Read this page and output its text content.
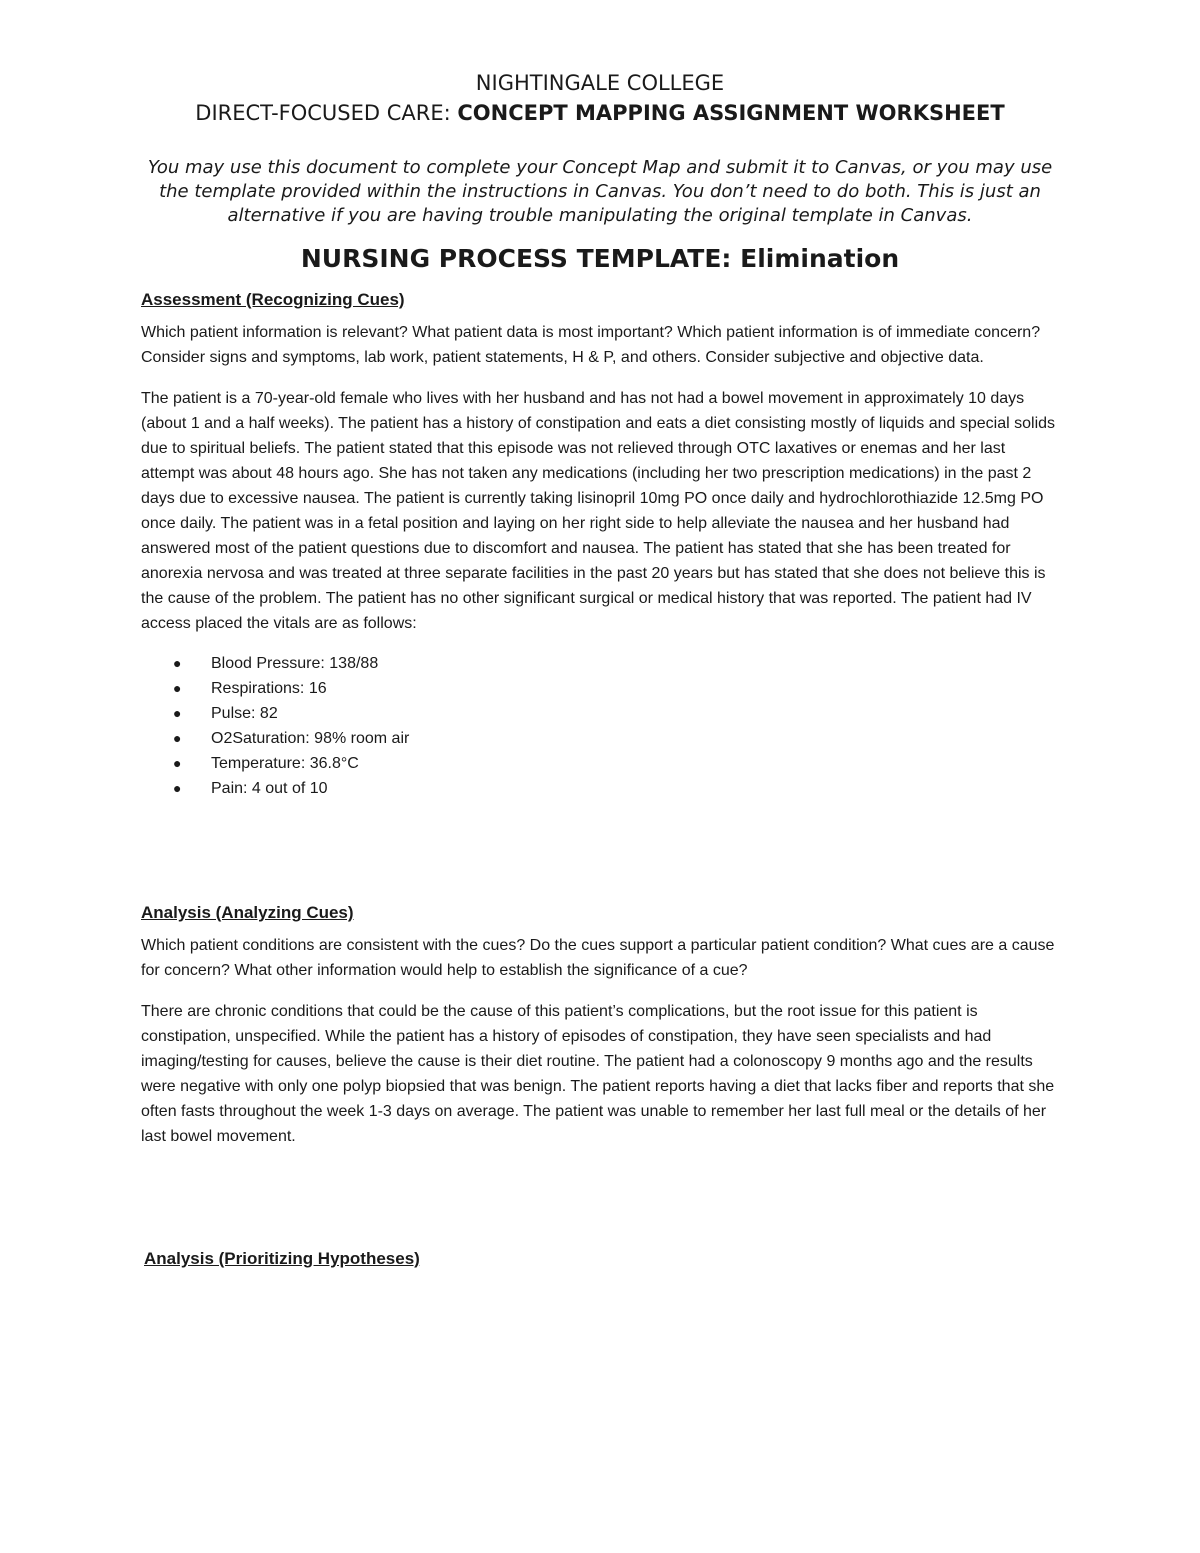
NIGHTINGALE COLLEGE

DIRECT-FOCUSED CARE: CONCEPT MAPPING ASSIGNMENT WORKSHEET

You may use this document to complete your Concept Map and submit it to Canvas, or you may use the template provided within the instructions in Canvas. You don’t need to do both. This is just an alternative if you are having trouble manipulating the original template in Canvas.

NURSING PROCESS TEMPLATE: Elimination

Assessment (Recognizing Cues)

Which patient information is relevant? What patient data is most important? Which patient information is of immediate concern? Consider signs and symptoms, lab work, patient statements, H & P, and others. Consider subjective and objective data.

The patient is a 70-year-old female who lives with her husband and has not had a bowel movement in approximately 10 days (about 1 and a half weeks). The patient has a history of constipation and eats a diet consisting mostly of liquids and special solids due to spiritual beliefs. The patient stated that this episode was not relieved through OTC laxatives or enemas and her last attempt was about 48 hours ago. She has not taken any medications (including her two prescription medications) in the past 2 days due to excessive nausea. The patient is currently taking lisinopril 10mg PO once daily and hydrochlorothiazide 12.5mg PO once daily. The patient was in a fetal position and laying on her right side to help alleviate the nausea and her husband had answered most of the patient questions due to discomfort and nausea. The patient has stated that she has been treated for anorexia nervosa and was treated at three separate facilities in the past 20 years but has stated that she does not believe this is the cause of the problem. The patient has no other significant surgical or medical history that was reported. The patient had IV access placed the vitals are as follows:

● Blood Pressure: 138/88
● Respirations: 16
● Pulse: 82
● O2Saturation: 98% room air
● Temperature: 36.8°C
● Pain: 4 out of 10

Analysis (Analyzing Cues)

Which patient conditions are consistent with the cues? Do the cues support a particular patient condition? What cues are a cause for concern? What other information would help to establish the significance of a cue?

There are chronic conditions that could be the cause of this patient’s complications, but the root issue for this patient is constipation, unspecified. While the patient has a history of episodes of constipation, they have seen specialists and had imaging/testing for causes, believe the cause is their diet routine. The patient had a colonoscopy 9 months ago and the results were negative with only one polyp biopsied that was benign. The patient reports having a diet that lacks fiber and reports that she often fasts throughout the week 1-3 days on average. The patient was unable to remember her last full meal or the details of her last bowel movement.

Analysis (Prioritizing Hypotheses)
